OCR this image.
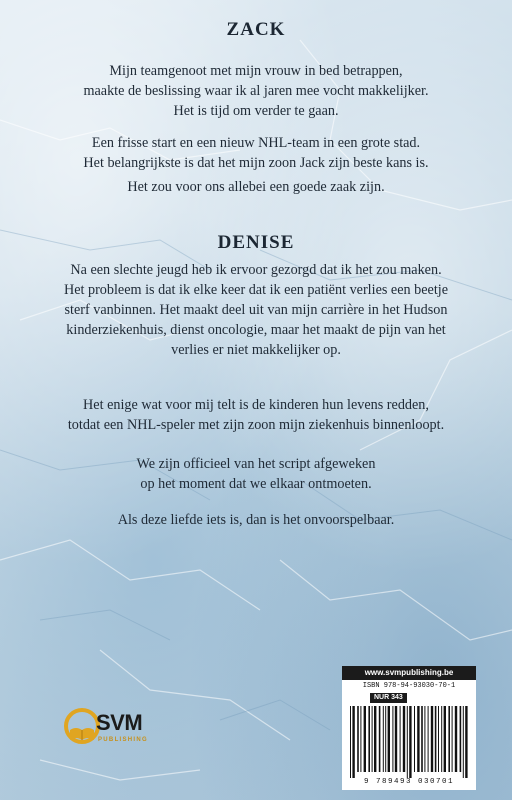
ZACK

Mijn teamgenoot met mijn vrouw in bed betrappen,
maakte de beslissing waar ik al jaren mee vocht makkelijker.
Het is tijd om verder te gaan.

Een frisse start en een nieuw NHL-team in een grote stad.
Het belangrijkste is dat het mijn zoon Jack zijn beste kans is.
Het zou voor ons allebei een goede zaak zijn.

DENISE

Na een slechte jeugd heb ik ervoor gezorgd dat ik het zou maken.
Het probleem is dat ik elke keer dat ik een patiënt verlies een beetje
sterf vanbinnen. Het maakt deel uit van mijn carrière in het Hudson
kinderziekenhuis, dienst oncologie, maar het maakt de pijn van het
verlies er niet makkelijker op.

Het enige wat voor mij telt is de kinderen hun levens redden,
totdat een NHL-speler met zijn zoon mijn ziekenhuis binnenloopt.

We zijn officieel van het script afgeweken
op het moment dat we elkaar ontmoeten.

Als deze liefde iets is, dan is het onvoorspelbaar.

SVM
PUBLISHING
www.svmpublishing.be
ISBN 978-94-93030-70-1
NUR 343
9 789493 030701
